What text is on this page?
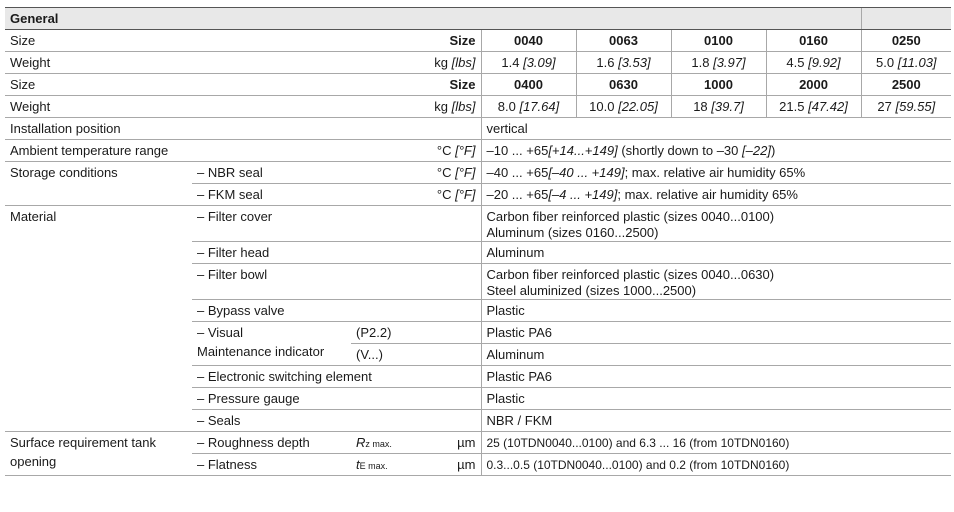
General								
Size			Size	0040	0063	0100	0160	0250
Weight			kg [lbs]	1.4 [3.09]	1.6 [3.53]	1.8 [3.97]	4.5 [9.92]	5.0 [11.03]
Size			Size	0400	0630	1000	2000	2500
Weight			kg [lbs]	8.0 [17.64]	10.0 [22.05]	18 [39.7]	21.5 [47.42]	27 [59.55]
Installation position				vertical				
Ambient temperature range			°C [°F]	–10 ... +65[+14...+149] (shortly down to –30 [–22])				
Storage conditions	– NBR seal		°C [°F]	–40 ... +65[–40 ... +149]; max. relative air humidity 65%				
	– FKM seal		°C [°F]	–20 ... +65[–4 ... +149]; max. relative air humidity 65%				
Material	– Filter cover			Carbon fiber reinforced plastic (sizes 0040...0100)
Aluminum (sizes 0160...2500)				

	– Filter head			Aluminum				
	– Filter bowl			Carbon fiber reinforced plastic (sizes 0040...0630)
Steel aluminized (sizes 1000...2500)				

	– Bypass valve			Plastic				
	– Visual	(P2.2)		Plastic PA6				
	Maintenance indicator	(V...)		Aluminum				
	– Electronic switching element			Plastic PA6				
	– Pressure gauge			Plastic				
	– Seals			NBR / FKM				
Surface requirement tank	– Roughness depth	Rz max.	µm	25 (10TDN0040...0100) and 6.3 ... 16 (from 10TDN0160)				
opening	– Flatness	tE max.	µm	0.3...0.5 (10TDN0040...0100) and 0.2 (from 10TDN0160)				
